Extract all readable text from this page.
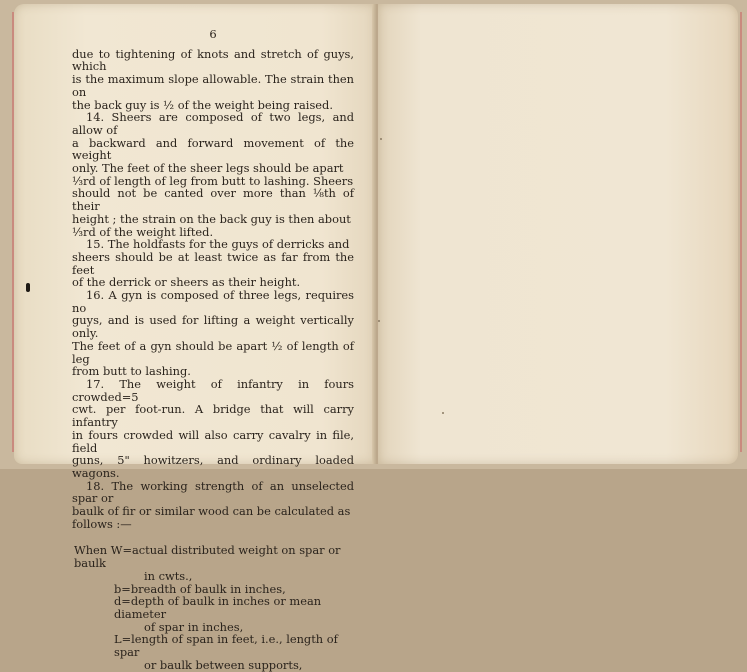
6
due to tightening of knots and stretch of guys, which
is the maximum slope allowable. The strain then on
the back guy is ½ of the weight being raised.
14. Sheers are composed of two legs, and allow of
a backward and forward movement of the weight
only. The feet of the sheer legs should be apart
⅓rd of length of leg from butt to lashing. Sheers
should not be canted over more than ⅛th of their
height ; the strain on the back guy is then about
⅓rd of the weight lifted.
15. The holdfasts for the guys of derricks and
sheers should be at least twice as far from the feet
of the derrick or sheers as their height.
16. A gyn is composed of three legs, requires no
guys, and is used for lifting a weight vertically only.
The feet of a gyn should be apart ½ of length of leg
from butt to lashing.
17. The weight of infantry in fours crowded=5
cwt. per foot-run. A bridge that will carry infantry
in fours crowded will also carry cavalry in file, field
guns, 5" howitzers, and ordinary loaded wagons.
18. The working strength of an unselected spar or
baulk of fir or similar wood can be calculated as
follows :—
When W=actual distributed weight on spar or baulk
in cwts.,
b=breadth of baulk in inches,
d=depth of baulk in inches or mean diameter
of spar in inches,
L=length of span in feet, i.e., length of spar
or baulk between supports,
